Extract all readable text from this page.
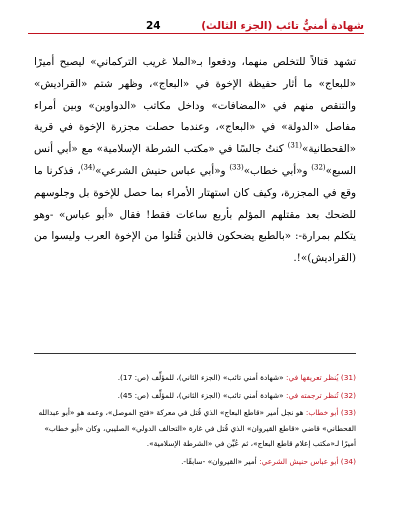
شهادة أمنيٌّ تائب (الجزء الثالث)
24

تشهد قتالاً للتخلص منهما، ودفعوا بـ«الملا غريب التركماني» ليصبح أميرًا «للبعاج» ما أثار حفيظة الإخوة في «البعاج»، وظهر شتم «القراديش» والتنقص منهم في «المضافات» وداخل مكاتب «الدواوين» وبين أمراء مفاصل «الدولة» في «البعاج»، وعندما حصلت مجزرة الإخوة في قرية «القحطانية»$^{(31)}$ كنتُ جالسًا في «مكتب الشرطة الإسلامية» مع «أبي أنس السبع»$^{(32)}$ و«أبي خطاب»$^{(33)}$ و«أبي عباس حنيش الشرعي»$^{(34)}$، فذكرنا ما وقع في المجزرة، وكيف كان استهتار الأمراء بما حصل للإخوة بل وجلوسهم للضحك بعد مقتلهم المؤلم بأربع ساعات فقط! فقال «أبو عباس» -وهو يتكلم بمرارة-: «بالطبع يضحكون فالذين قُتلوا من الإخوة العرب وليسوا من (القراديش)»!.

(31) يُنظر تعريفها في: «شهادة أمني تائب» (الجزء الثاني)، للمؤلِّف (ص: 17).

(32) تُنظر ترجمته في: «شهادة أمني تائب» (الجزء الثاني)، للمؤلِّف (ص: 45).

(33) أبو خطاب: هو نجل أمير «قاطع البعاج» الذي قُتل في معركة «فتح الموصل»، وعمه هو «أبو عبدالله القحطاني» قاضي «قاطع القيروان» الذي قُتل في غارة «التحالف الدولي» الصليبي، وكان «أبو خطاب» أميرًا لـ«مكتب إعلام قاطع البعاج»، ثم عُيِّن في «الشرطة الإسلامية».

(34) أبو عباس حنيش الشرعي: أمير «القيروان» -سابقًا-.
